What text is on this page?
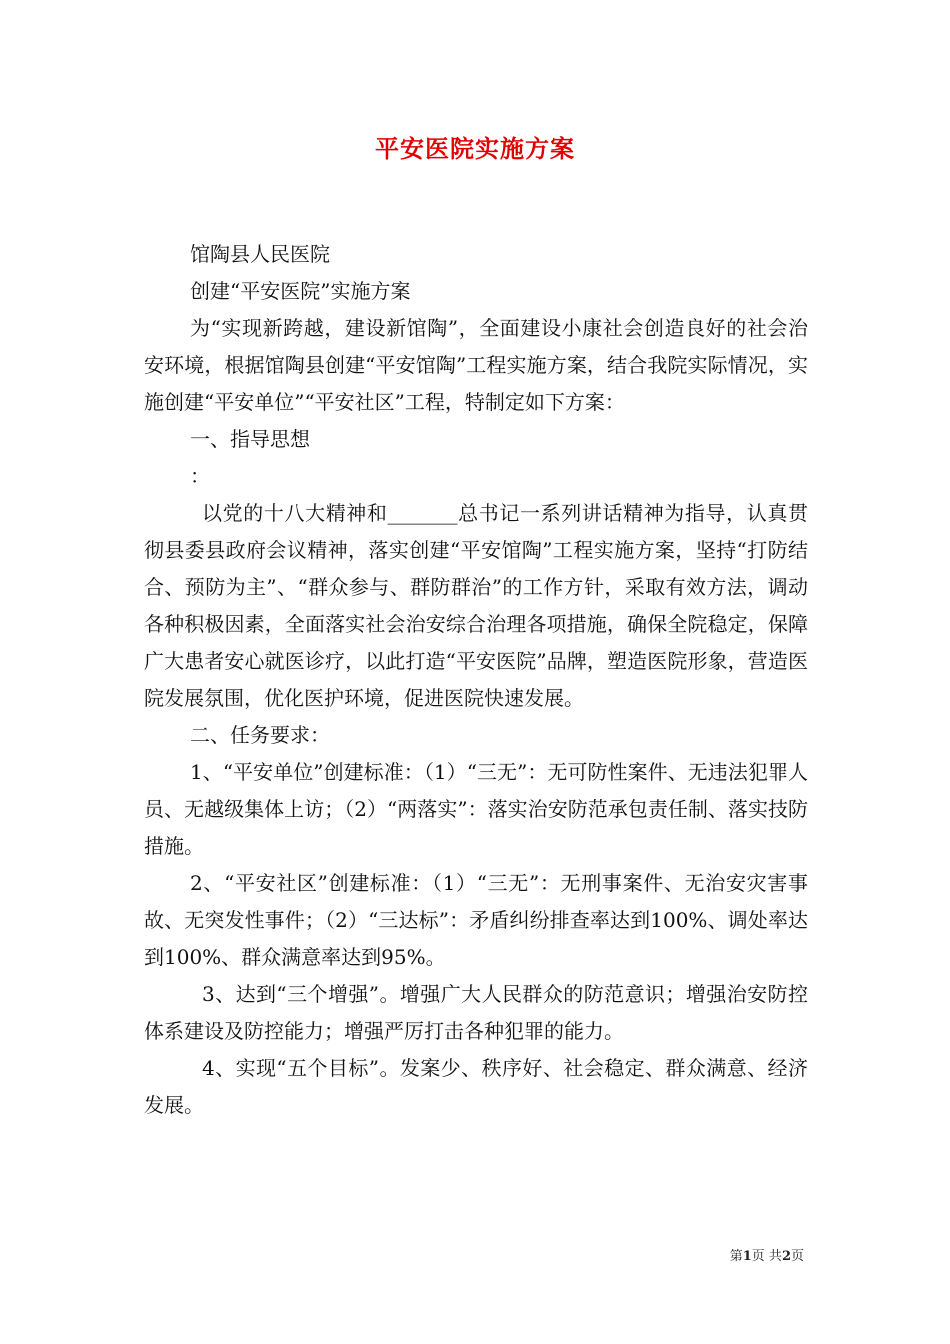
平安医院实施方案

馆陶县人民医院

创建“平安医院”实施方案

为“实现新跨越，建设新馆陶”，全面建设小康社会创造良好的社会治安环境，根据馆陶县创建“平安馆陶”工程实施方案，结合我院实际情况，实施创建“平安单位”“平安社区”工程，特制定如下方案：

一、指导思想

：

以党的十八大精神和_______总书记一系列讲话精神为指导，认真贯彻县委县政府会议精神，落实创建“平安馆陶”工程实施方案，坚持“打防结合、预防为主”、“群众参与、群防群治”的工作方针，采取有效方法，调动各种积极因素，全面落实社会治安综合治理各项措施，确保全院稳定，保障广大患者安心就医诊疗，以此打造“平安医院”品牌，塑造医院形象，营造医院发展氛围，优化医护环境，促进医院快速发展。

二、任务要求：

1、“平安单位”创建标准：（1）“三无”：无可防性案件、无违法犯罪人员、无越级集体上访；（2）“两落实”：落实治安防范承包责任制、落实技防措施。

2、“平安社区”创建标准：（1）“三无”：无刑事案件、无治安灾害事故、无突发性事件；（2）“三达标”：矛盾纠纷排查率达到100%、调处率达到100%、群众满意率达到95%。

3、达到“三个增强”。增强广大人民群众的防范意识；增强治安防控体系建设及防控能力；增强严厉打击各种犯罪的能力。

4、实现“五个目标”。发案少、秩序好、社会稳定、群众满意、经济发展。

第1页 共2页
